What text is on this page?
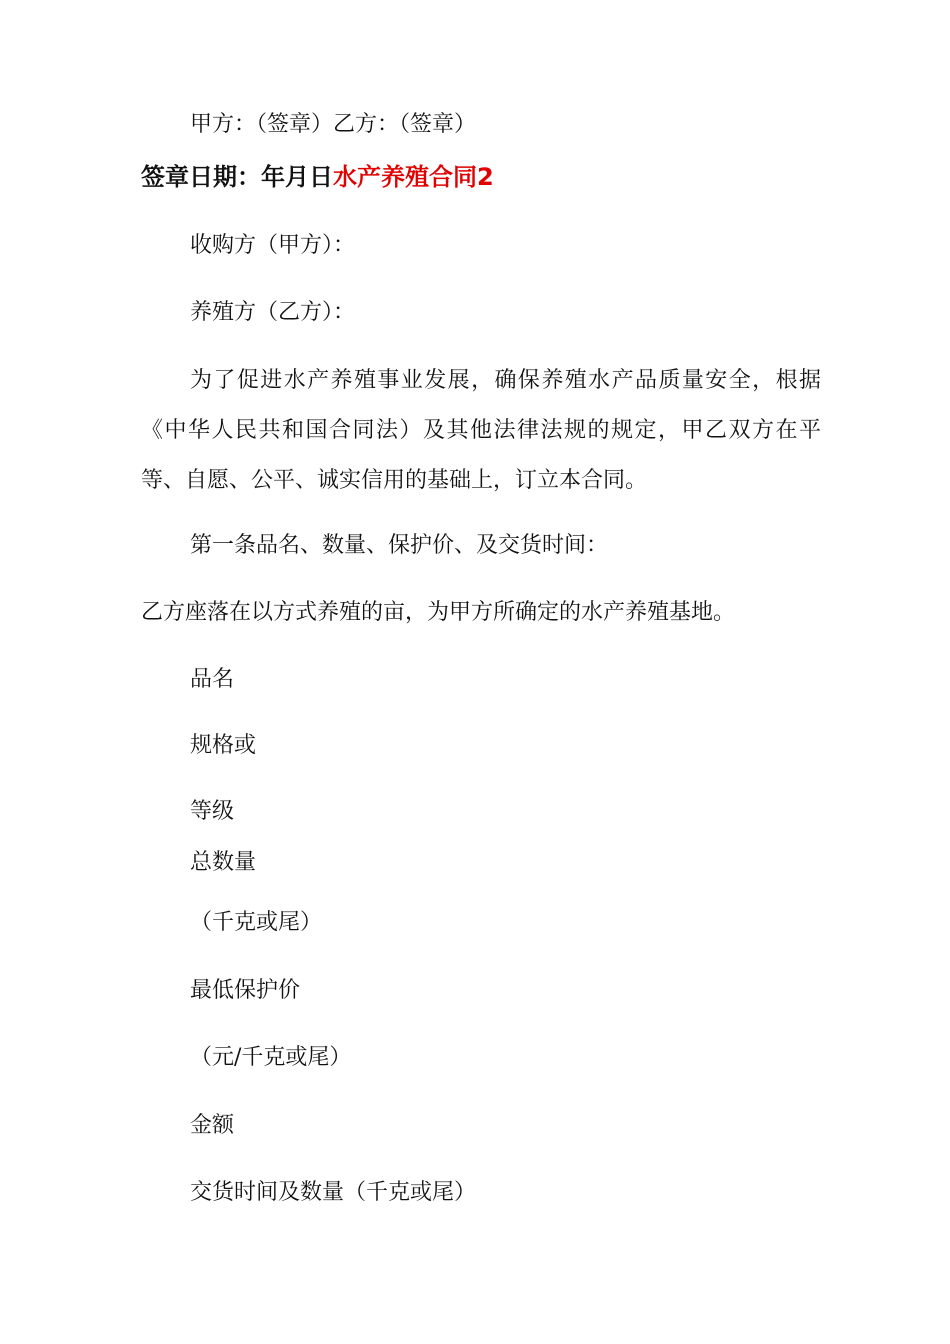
甲方：（签章）乙方：（签章）
签章日期：年月日水产养殖合同2
收购方（甲方）：
养殖方（乙方）：
为了促进水产养殖事业发展，确保养殖水产品质量安全，根据《中华人民共和国合同法）及其他法律法规的规定，甲乙双方在平等、自愿、公平、诚实信用的基础上，订立本合同。
第一条品名、数量、保护价、及交货时间：
乙方座落在以方式养殖的亩，为甲方所确定的水产养殖基地。
品名
规格或
等级
总数量
（千克或尾）
最低保护价
（元/千克或尾）
金额
交货时间及数量（千克或尾）
